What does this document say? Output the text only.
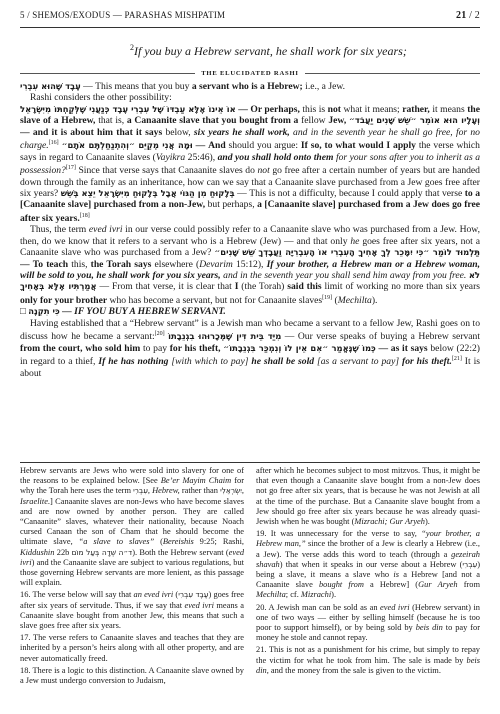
5 / SHEMOS/EXODUS — PARASHAS MISHPATIM	21 / 2
$^2$If you buy a Hebrew servant, he shall work for six years;
THE ELUCIDATED RASHI

עֶבֶד שֶׁהוּא עִבְרִי — This means that you buy a servant who is a Hebrew; i.e., a Jew.

Rashi considers the other possibility:

אוֹ אֵינוֹ אֶלָּא עַבְדּוֹ שֶׁל עִבְרִי עֶבֶד כְּנַעֲנִי שֶׁלְּקַחְתּוֹ מִיִּשְׂרָאֵל — Or perhaps, this is not what it means; rather, it means the slave of a Hebrew, that is, a Canaanite slave that you bought from a fellow Jew, וְעָלָיו הוּא אוֹמֵר ״שֵׁשׁ שָׁנִים יַעֲבֹד״ — and it is about him that it says below, six years he shall work, and in the seventh year he shall go free, for no charge.[16] וּמָה אֲנִי מְקַיֵּם ״וְהִתְנַחַלְתֶּם אֹתָם״ — And should you argue: If so, to what would I apply the verse which says in regard to Canaanite slaves (Vayikra 25:46), and you shall hold onto them for your sons after you to inherit as a possession?[17] Since that verse says that Canaanite slaves do not go free after a certain number of years but are handed down through the family as an inheritance, how can we say that a Canaanite slave purchased from a Jew goes free after six years? בְּלָקוּחַ מִן הַגּוֹי אֲבָל בְּלָקוּחַ מִיִּשְׂרָאֵל יֵצֵא בְּשֵׁשׁ — This is not a difficulty, because I could apply that verse to a [Canaanite slave] purchased from a non-Jew, but perhaps, a [Canaanite slave] purchased from a Jew does go free after six years.[18]

Thus, the term eved ivri in our verse could possibly refer to a Canaanite slave who was purchased from a Jew. How, then, do we know that it refers to a servant who is a Hebrew (Jew) — and that only he goes free after six years, not a Canaanite slave who was purchased from a Jew? תַּלְמוּד לוֹמַר ״כִּי יִמָּכֵר לְךָ אָחִיךָ הָעִבְרִי אוֹ הָעִבְרִיָּה וַעֲבָדְךָ שֵׁשׁ שָׁנִים״ — To teach this, the Torah says elsewhere (Devarim 15:12), If your brother, a Hebrew man or a Hebrew woman, will be sold to you, he shall work for you six years, and in the seventh year you shall send him away from you free. לֹא אֲמַרְתִּיו אֶלָּא בְּאָחִיךָ — From that verse, it is clear that I (the Torah) said this limit of working no more than six years only for your brother who has become a servant, but not for Canaanite slaves[19] (Mechilta).

□ כִּי תִקְנֶה — IF YOU BUY A HEBREW SERVANT.

Having established that a “Hebrew servant” is a Jewish man who became a servant to a fellow Jew, Rashi goes on to discuss how he became a servant:[20] מִיַּד בֵּית דִּין שֶׁמְּכָרוּהוּ בִגְנֵבָתוֹ — Our verse speaks of buying a Hebrew servant from the court, who sold him to pay for his theft, כְּמוֹ שֶׁנֶּאֱמַר ״אִם אֵין לוֹ וְנִמְכַּר בִּגְנֵבָתוֹ״ — as it says below (22:2) in regard to a thief, If he has nothing [with which to pay] he shall be sold [as a servant to pay] for his theft.[21] It is about

Hebrew servants are Jews who were sold into slavery for one of the reasons to be explained below. [See Be’er Mayim Chaim for why the Torah here uses the term עִבְרִי, Hebrew, rather than יִשְׂרְאֵלִי, Israelite.] Canaanite slaves are non-Jews who have become slaves and are now owned by another person. They are called “Canaanite” slaves, whatever their nationality, because Noach cursed Canaan the son of Cham that he should become the ultimate slave, “a slave to slaves” (Bereishis 9:25; Rashi, Kiddushin 22b ד״ה שְׁדָה בְּעַל מוֹם). Both the Hebrew servant (eved ivri) and the Canaanite slave are subject to various regulations, but those governing Hebrew servants are more lenient, as this passage will explain.

16. The verse below will say that an eved ivri (עֶבֶד עִבְרִי) goes free after six years of servitude. Thus, if we say that eved ivri means a Canaanite slave bought from another Jew, this means that such a slave goes free after six years.

17. The verse refers to Canaanite slaves and teaches that they are inherited by a person’s heirs along with all other property, and are never automatically freed.

18. There is a logic to this distinction. A Canaanite slave owned by a Jew must undergo conversion to Judaism,

after which he becomes subject to most mitzvos. Thus, it might be that even though a Canaanite slave bought from a non-Jew does not go free after six years, that is because he was not Jewish at all at the time of the purchase. But a Canaanite slave bought from a Jew should go free after six years because he was already quasi-Jewish when he was bought (Mizrachi; Gur Aryeh).

19. It was unnecessary for the verse to say, “your brother, a Hebrew man,” since the brother of a Jew is clearly a Hebrew (i.e., a Jew). The verse adds this word to teach (through a gezeirah shavah) that when it speaks in our verse about a Hebrew (עִבְרִי) being a slave, it means a slave who is a Hebrew [and not a Canaanite slave bought from a Hebrew] (Gur Aryeh from Mechilta; cf. Mizrachi).

20. A Jewish man can be sold as an eved ivri (Hebrew servant) in one of two ways — either by selling himself (because he is too poor to support himself), or by being sold by beis din to pay for money he stole and cannot repay.

21. This is not as a punishment for his crime, but simply to repay the victim for what he took from him. The sale is made by beis din, and the money from the sale is given to the victim.
